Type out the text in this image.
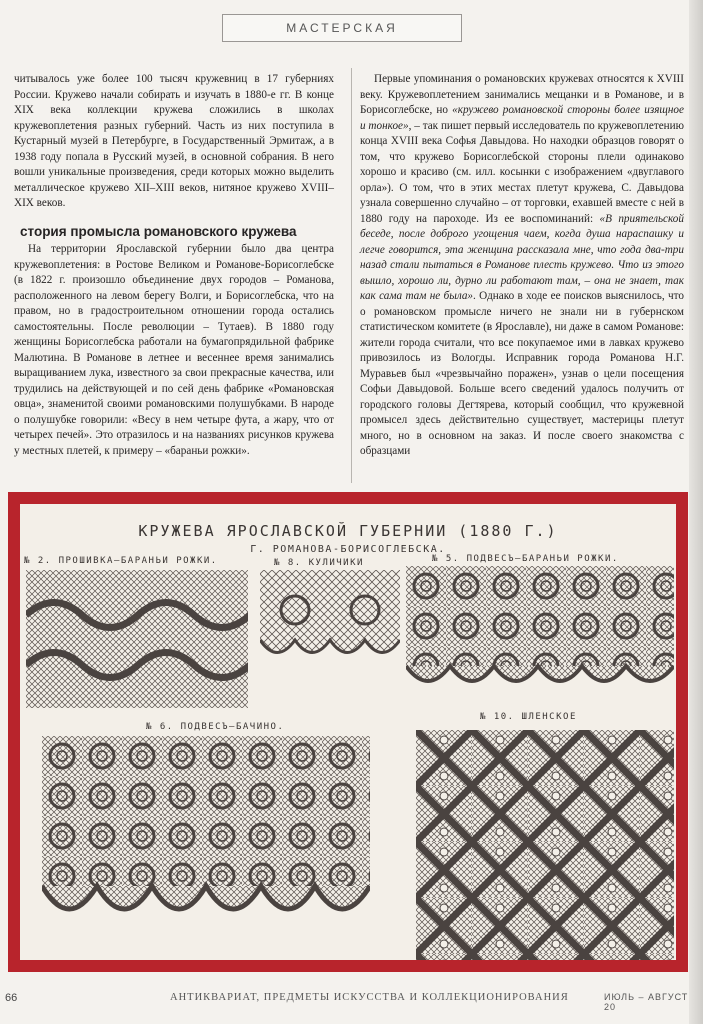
МАСТЕРСКАЯ

читывалось уже более 100 тысяч кружевниц в 17 губерниях России. Кружево начали собирать и изучать в 1880-е гг. В конце XIX века коллекции кружева сложились в школах кружевоплетения разных губерний. Часть из них поступила в Кустарный музей в Петербурге, в Государственный Эрмитаж, а в 1938 году попала в Русский музей, в основной собрания. В него вошли уникальные произведения, среди которых можно выделить металлическое кружево XII–XIII веков, нитяное кружево XVIII–XIX веков.

стория промысла романовского кружева

На территории Ярославской губернии было два центра кружевоплетения: в Ростове Великом и Романове-Борисоглебске (в 1822 г. произошло объединение двух городов – Романова, расположенного на левом берегу Волги, и Борисоглебска, что на правом, но в градостроительном отношении города остались самостоятельны. После революции – Тутаев). В 1880 году женщины Борисоглебска работали на бумагопрядильной фабрике Малютина. В Романове в летнее и весеннее время занимались выращиванием лука, известного за свои прекрасные качества, или трудились на действующей и по сей день фабрике «Романовская овца», знаменитой своими романовскими полушубками. В народе о полушубке говорили: «Весу в нем четыре фута, а жару, что от четырех печей». Это отразилось и на названиях рисунков кружева у местных плетей, к примеру – «бараньи рожки».

Первые упоминания о романовских кружевах относятся к XVIII веку. Кружевоплетением занимались мещанки и в Романове, и в Борисоглебске, но «кружево романовской стороны более изящное и тонкое», – так пишет первый исследователь по кружевоплетению конца XVIII века Софья Давыдова. Но находки образцов говорят о том, что кружево Борисоглебской стороны плели одинаково хорошо и красиво (см. илл. косынки с изображением «двуглавого орла»). О том, что в этих местах плетут кружева, С. Давыдова узнала совершенно случайно – от торговки, ехавшей вместе с ней в 1880 году на пароходе. Из ее воспоминаний: «В приятельской беседе, после доброго угощения чаем, когда душа нараспашку и легче говорится, эта женщина рассказала мне, что года два-три назад стали пытаться в Романове плесть кружево. Что из этого вышло, хорошо ли, дурно ли работают там, – она не знает, так как сама там не была». Однако в ходе ее поисков выяснилось, что о романовском промысле ничего не знали ни в губернском статистическом комитете (в Ярославле), ни даже в самом Романове: жители города считали, что все покупаемое ими в лавках кружево привозилось из Вологды. Исправник города Романова Н.Г. Муравьев был «чрезвычайно поражен», узнав о цели посещения Софьи Давыдовой. Больше всего сведений удалось получить от городского головы Дегтярева, который сообщил, что кружевной промысел здесь действительно существует, мастерицы плетут много, но в основном на заказ. И после своего знакомства с образцами

КРУЖЕВА ЯРОСЛАВСКОЙ ГУБЕРНИИ (1880 Г.)
Г. РОМАНОВА-БОРИСОГЛЕБСКА.
№ 2. ПРОШИВКА—БАРАНЬИ РОЖКИ.	№ 8. КУЛИЧИКИ	№ 5. ПОДВЕСЪ—БАРАНЬИ РОЖКИ.
№ 6. ПОДВЕСЪ—БАЧИНО.
№ 10. ШЛЕНСКОЕ
66	АНТИКВАРИАТ, ПРЕДМЕТЫ ИСКУССТВА И КОЛЛЕКЦИОНИРОВАНИЯ	ИЮЛЬ – АВГУСТ 20
